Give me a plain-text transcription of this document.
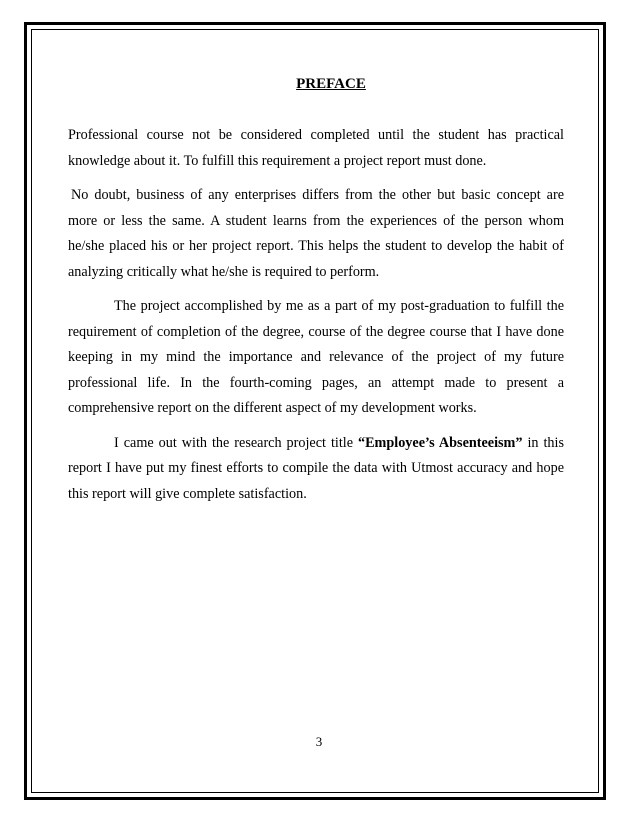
PREFACE

Professional course not be considered completed until the student has practical knowledge about it. To fulfill this requirement a project report must done.

No doubt, business of any enterprises differs from the other but basic concept are more or less the same. A student learns from the experiences of the person whom he/she placed his or her project report. This helps the student to develop the habit of analyzing critically what he/she is required to perform.

The project accomplished by me as a part of my post-graduation to fulfill the requirement of completion of the degree, course of the degree course that I have done keeping in my mind the importance and relevance of the project of my future professional life. In the fourth-coming pages, an attempt made to present a comprehensive report on the different aspect of my development works.

I came out with the research project title “Employee’s Absenteeism” in this report I have put my finest efforts to compile the data with Utmost accuracy and hope this report will give complete satisfaction.

3
